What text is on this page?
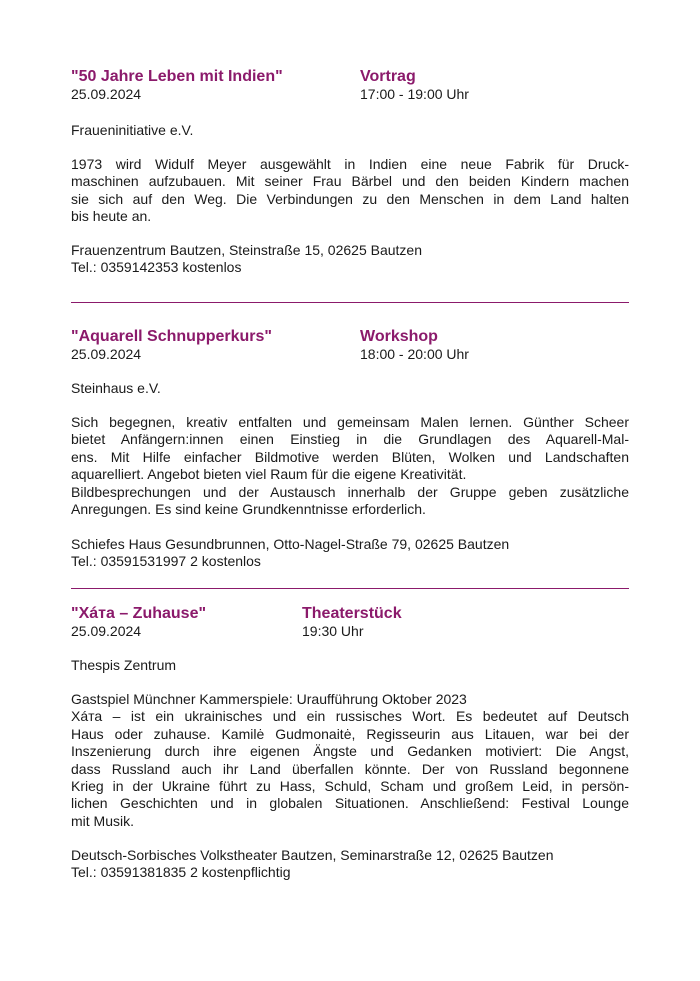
"50 Jahre Leben mit Indien"	Vortrag
25.09.2024	17:00 - 19:00 Uhr

Fraueninitiative e.V.

1973 wird Widulf Meyer ausgewählt in Indien eine neue Fabrik für Druck-
maschinen aufzubauen. Mit seiner Frau Bärbel und den beiden Kindern machen
sie sich auf den Weg. Die Verbindungen zu den Menschen in dem Land halten
bis heute an.

Frauenzentrum Bautzen, Steinstraße 15, 02625 Bautzen
Tel.: 0359142353 kostenlos

"Aquarell Schnupperkurs"	Workshop
25.09.2024	18:00 - 20:00 Uhr

Steinhaus e.V.

Sich begegnen, kreativ entfalten und gemeinsam Malen lernen. Günther Scheer
bietet Anfängern:innen einen Einstieg in die Grundlagen des Aquarell-Mal-
ens. Mit Hilfe einfacher Bildmotive werden Blüten, Wolken und Landschaften
aquarelliert. Angebot bieten viel Raum für die eigene Kreativität.
Bildbesprechungen und der Austausch innerhalb der Gruppe geben zusätzliche
Anregungen. Es sind keine Grundkenntnisse erforderlich.

Schiefes Haus Gesundbrunnen, Otto-Nagel-Straße 79, 02625 Bautzen
Tel.: 03591531997 2 kostenlos

"Χáта – Zuhause"	Theaterstück
25.09.2024	19:30 Uhr

Thespis Zentrum

Gastspiel Münchner Kammerspiele: Uraufführung Oktober 2023
Хáта – ist ein ukrainisches und ein russisches Wort. Es bedeutet auf Deutsch
Haus oder zuhause. Kamilė Gudmonaitė, Regisseurin aus Litauen, war bei der
Inszenierung durch ihre eigenen Ängste und Gedanken motiviert: Die Angst,
dass Russland auch ihr Land überfallen könnte. Der von Russland begonnene
Krieg in der Ukraine führt zu Hass, Schuld, Scham und großem Leid, in persön-
lichen Geschichten und in globalen Situationen. Anschließend: Festival Lounge
mit Musik.

Deutsch-Sorbisches Volkstheater Bautzen, Seminarstraße 12, 02625 Bautzen
Tel.: 03591381835 2 kostenpflichtig
